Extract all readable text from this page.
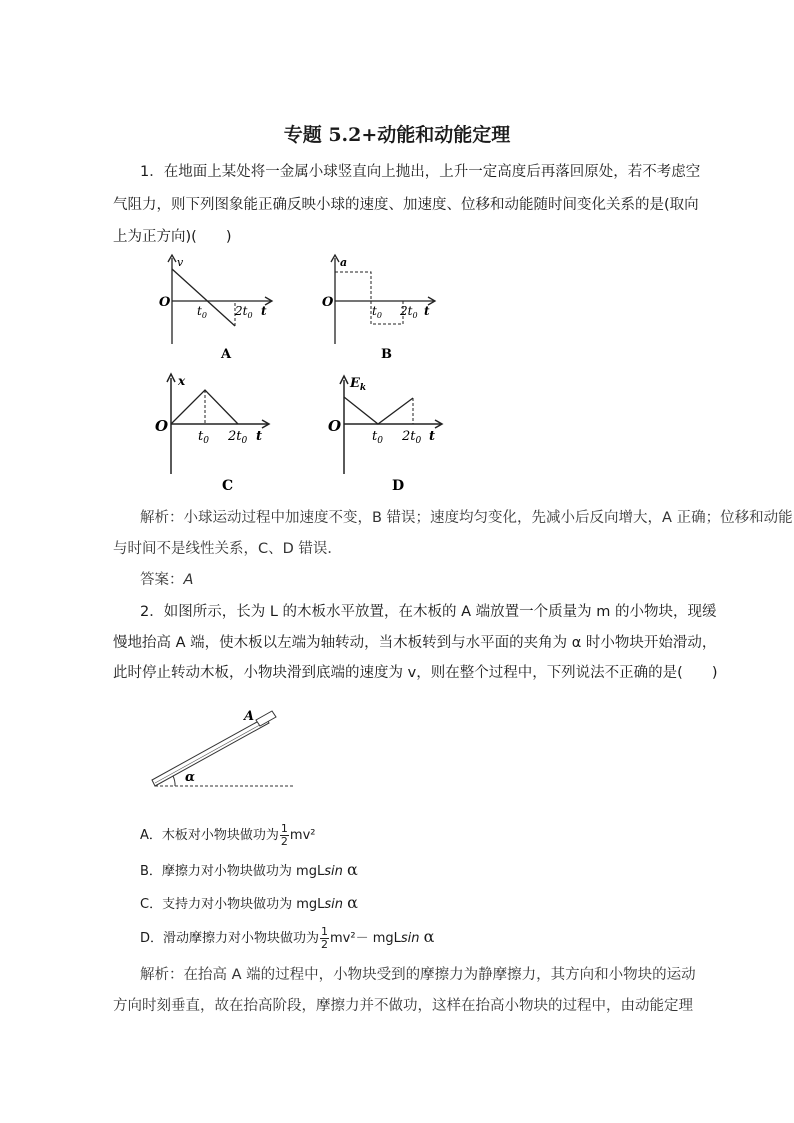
专题 5.2+动能和动能定理
1．在地面上某处将一金属小球竖直向上抛出，上升一定高度后再落回原处，若不考虑空
气阻力，则下列图象能正确反映小球的速度、加速度、位移和动能随时间变化关系的是(取向
上为正方向)(　　)
v
O
$t_0$ $2t_0$ t
A
a
O
$t_0$ $2t_0$ t
B
x
O
$t_0$ $2t_0$ t
C
$E_k$
O
$t_0$ $2t_0$ t
D
解析：小球运动过程中加速度不变，B 错误；速度均匀变化，先减小后反向增大，A 正确；位移和动能
与时间不是线性关系，C、D 错误．
答案：A
2．如图所示，长为 L 的木板水平放置，在木板的 A 端放置一个质量为 m 的小物块，现缓
慢地抬高 A 端，使木板以左端为轴转动，当木板转到与水平面的夹角为 α 时小物块开始滑动，
此时停止转动木板，小物块滑到底端的速度为 v，则在整个过程中，下列说法不正确的是(　　)
A
α
A．木板对小物块做功为 $\frac{1}{2} mv^2$
B．摩擦力对小物块做功为 mgLsin α
C．支持力对小物块做功为 mgLsin α
D．滑动摩擦力对小物块做功为 $\frac{1}{2} mv^2- mgLsin$ α
解析：在抬高 A 端的过程中，小物块受到的摩擦力为静摩擦力，其方向和小物块的运动
方向时刻垂直，故在抬高阶段，摩擦力并不做功，这样在抬高小物块的过程中，由动能定理
